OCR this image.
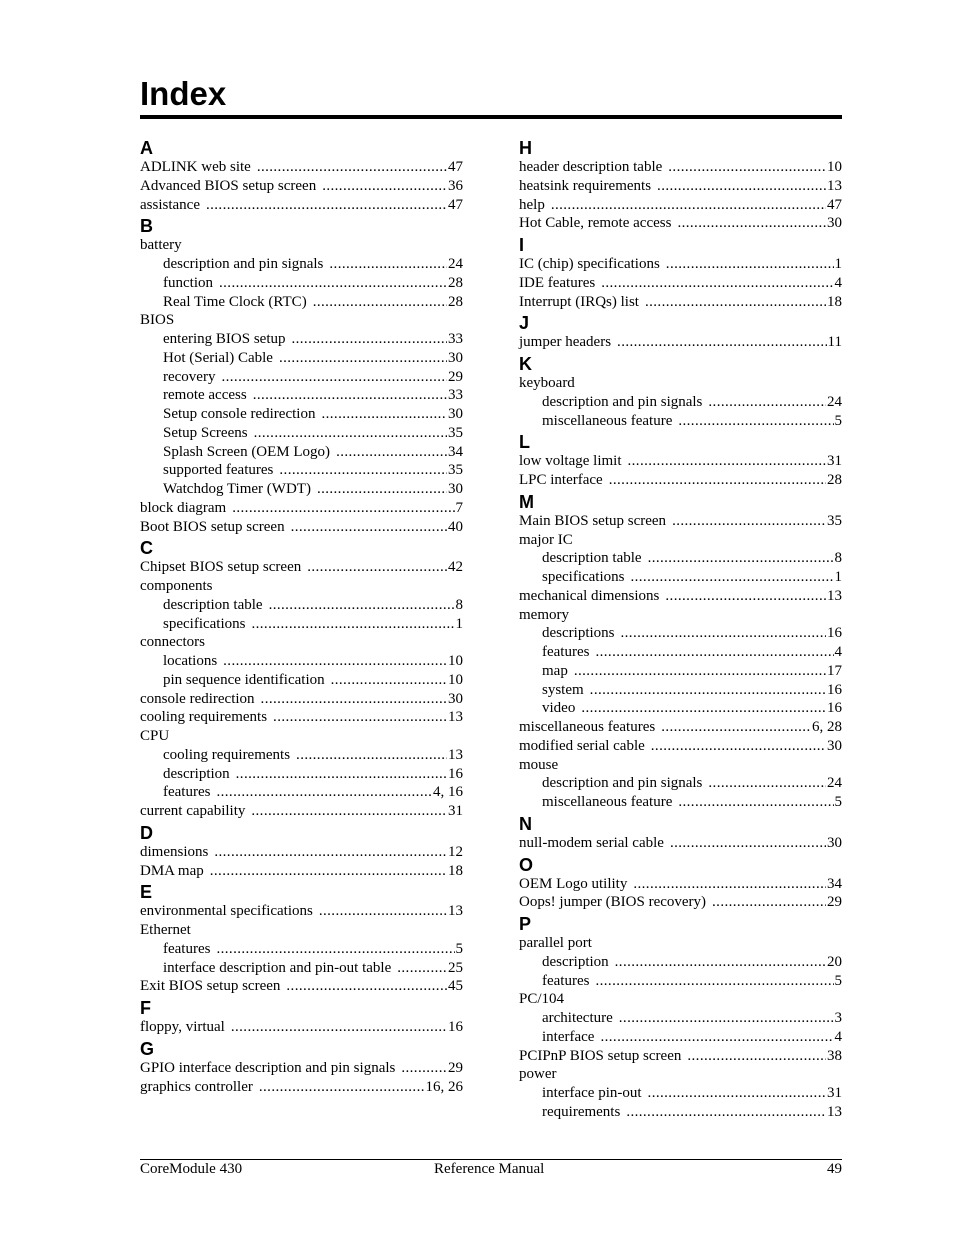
Index
A
ADLINK web site .....	47
Advanced BIOS setup screen .....	36
assistance .....	47
B
battery
description and pin signals .....	24
function .....	28
Real Time Clock (RTC) .....	28
BIOS
entering BIOS setup .....	33
Hot (Serial) Cable .....	30
recovery .....	29
remote access .....	33
Setup console redirection .....	30
Setup Screens .....	35
Splash Screen (OEM Logo) .....	34
supported features .....	35
Watchdog Timer (WDT) .....	30
block diagram .....	7
Boot BIOS setup screen .....	40
C
Chipset BIOS setup screen .....	42
components
description table .....	8
specifications .....	1
connectors
locations .....	10
pin sequence identification .....	10
console redirection .....	30
cooling requirements .....	13
CPU
cooling requirements .....	13
description .....	16
features .....	4, 16
current capability .....	31
D
dimensions .....	12
DMA map .....	18
E
environmental specifications .....	13
Ethernet
features .....	5
interface description and pin-out table .....	25
Exit BIOS setup screen .....	45
F
floppy, virtual .....	16
G
GPIO interface description and pin signals .....	29
graphics controller .....	16, 26
H
header description table .....	10
heatsink requirements .....	13
help .....	47
Hot Cable, remote access .....	30
I
IC (chip) specifications .....	1
IDE features .....	4
Interrupt (IRQs) list .....	18
J
jumper headers .....	11
K
keyboard
description and pin signals .....	24
miscellaneous feature .....	5
L
low voltage limit .....	31
LPC interface .....	28
M
Main BIOS setup screen .....	35
major IC
description table .....	8
specifications .....	1
mechanical dimensions .....	13
memory
descriptions .....	16
features .....	4
map .....	17
system .....	16
video .....	16
miscellaneous features .....	6, 28
modified serial cable .....	30
mouse
description and pin signals .....	24
miscellaneous feature .....	5
N
null-modem serial cable .....	30
O
OEM Logo utility .....	34
Oops! jumper (BIOS recovery) .....	29
P
parallel port
description .....	20
features .....	5
PC/104
architecture .....	3
interface .....	4
PCIPnP BIOS setup screen .....	38
power
interface pin-out .....	31
requirements .....	13
CoreModule 430	Reference Manual	49
